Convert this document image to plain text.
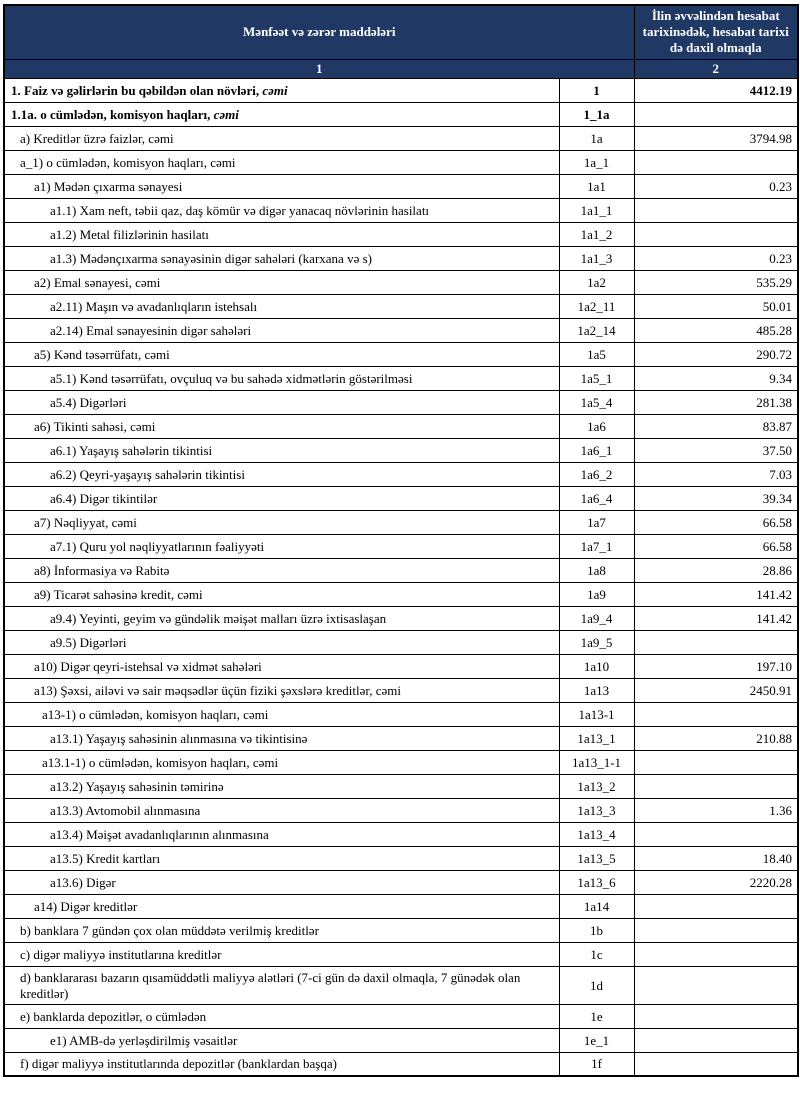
Mənfəət və zərər maddələri		İlin əvvəlindən hesabat tarixinədək, hesabat tarixi də daxil olmaqla
1		2
1. Faiz və gəlirlərin bu qəbildən olan növləri, cəmi	1	4412.19
1.1a. o cümlədən, komisyon haqları, cəmi	1_1a	
a) Kreditlər üzrə faizlər, cəmi	1a	3794.98
a_1) o cümlədən, komisyon haqları, cəmi	1a_1	
a1) Mədən çıxarma sənayesi	1a1	0.23
a1.1) Xam neft, təbii qaz, daş kömür və digər yanacaq növlərinin hasilatı	1a1_1	
a1.2) Metal filizlərinin hasilatı	1a1_2	
a1.3) Mədənçıxarma sənayəsinin digər sahələri (karxana və s)	1a1_3	0.23
a2) Emal sənayesi, cəmi	1a2	535.29
a2.11) Maşın və avadanlıqların istehsalı	1a2_11	50.01
a2.14) Emal sənayesinin digər sahələri	1a2_14	485.28
a5) Kənd təsərrüfatı, cəmi	1a5	290.72
a5.1) Kənd təsərrüfatı, ovçuluq və bu sahədə xidmətlərin göstərilməsi	1a5_1	9.34
a5.4) Digərləri	1a5_4	281.38
a6) Tikinti sahəsi, cəmi	1a6	83.87
a6.1) Yaşayış sahələrin tikintisi	1a6_1	37.50
a6.2) Qeyri-yaşayış sahələrin tikintisi	1a6_2	7.03
a6.4) Digər tikintilər	1a6_4	39.34
a7) Nəqliyyat, cəmi	1a7	66.58
a7.1) Quru yol nəqliyyatlarının fəaliyyəti	1a7_1	66.58
a8) İnformasiya və Rabitə	1a8	28.86
a9) Ticarət sahəsinə kredit, cəmi	1a9	141.42
a9.4) Yeyinti, geyim və gündəlik məişət malları üzrə ixtisaslaşan	1a9_4	141.42
a9.5) Digərləri	1a9_5	
a10) Digər qeyri-istehsal və xidmət sahələri	1a10	197.10
a13) Şəxsi, ailəvi və sair məqsədlər üçün fiziki şəxslərə kreditlər, cəmi	1a13	2450.91
a13-1) o cümlədən, komisyon haqları, cəmi	1a13-1	
a13.1) Yaşayış sahəsinin alınmasına və tikintisinə	1a13_1	210.88
a13.1-1) o cümlədən, komisyon haqları, cəmi	1a13_1-1	
a13.2) Yaşayış sahəsinin təmirinə	1a13_2	
a13.3) Avtomobil alınmasına	1a13_3	1.36
a13.4) Məişət avadanlıqlarının alınmasına	1a13_4	
a13.5) Kredit kartları	1a13_5	18.40
a13.6) Digər	1a13_6	2220.28
a14) Digər kreditlər	1a14	
b) banklara 7 gündən çox olan müddətə verilmiş kreditlər	1b	
c) digər maliyyə institutlarına kreditlər	1c	
d) banklararası bazarın qısamüddətli maliyyə alətləri (7-ci gün də daxil olmaqla, 7 günədək olan kreditlər)	1d	
e) banklarda depozitlər, o cümlədən	1e	
e1) AMB-də yerləşdirilmiş vəsaitlər	1e_1	
f) digər maliyyə institutlarında depozitlər (banklardan başqa)	1f	
